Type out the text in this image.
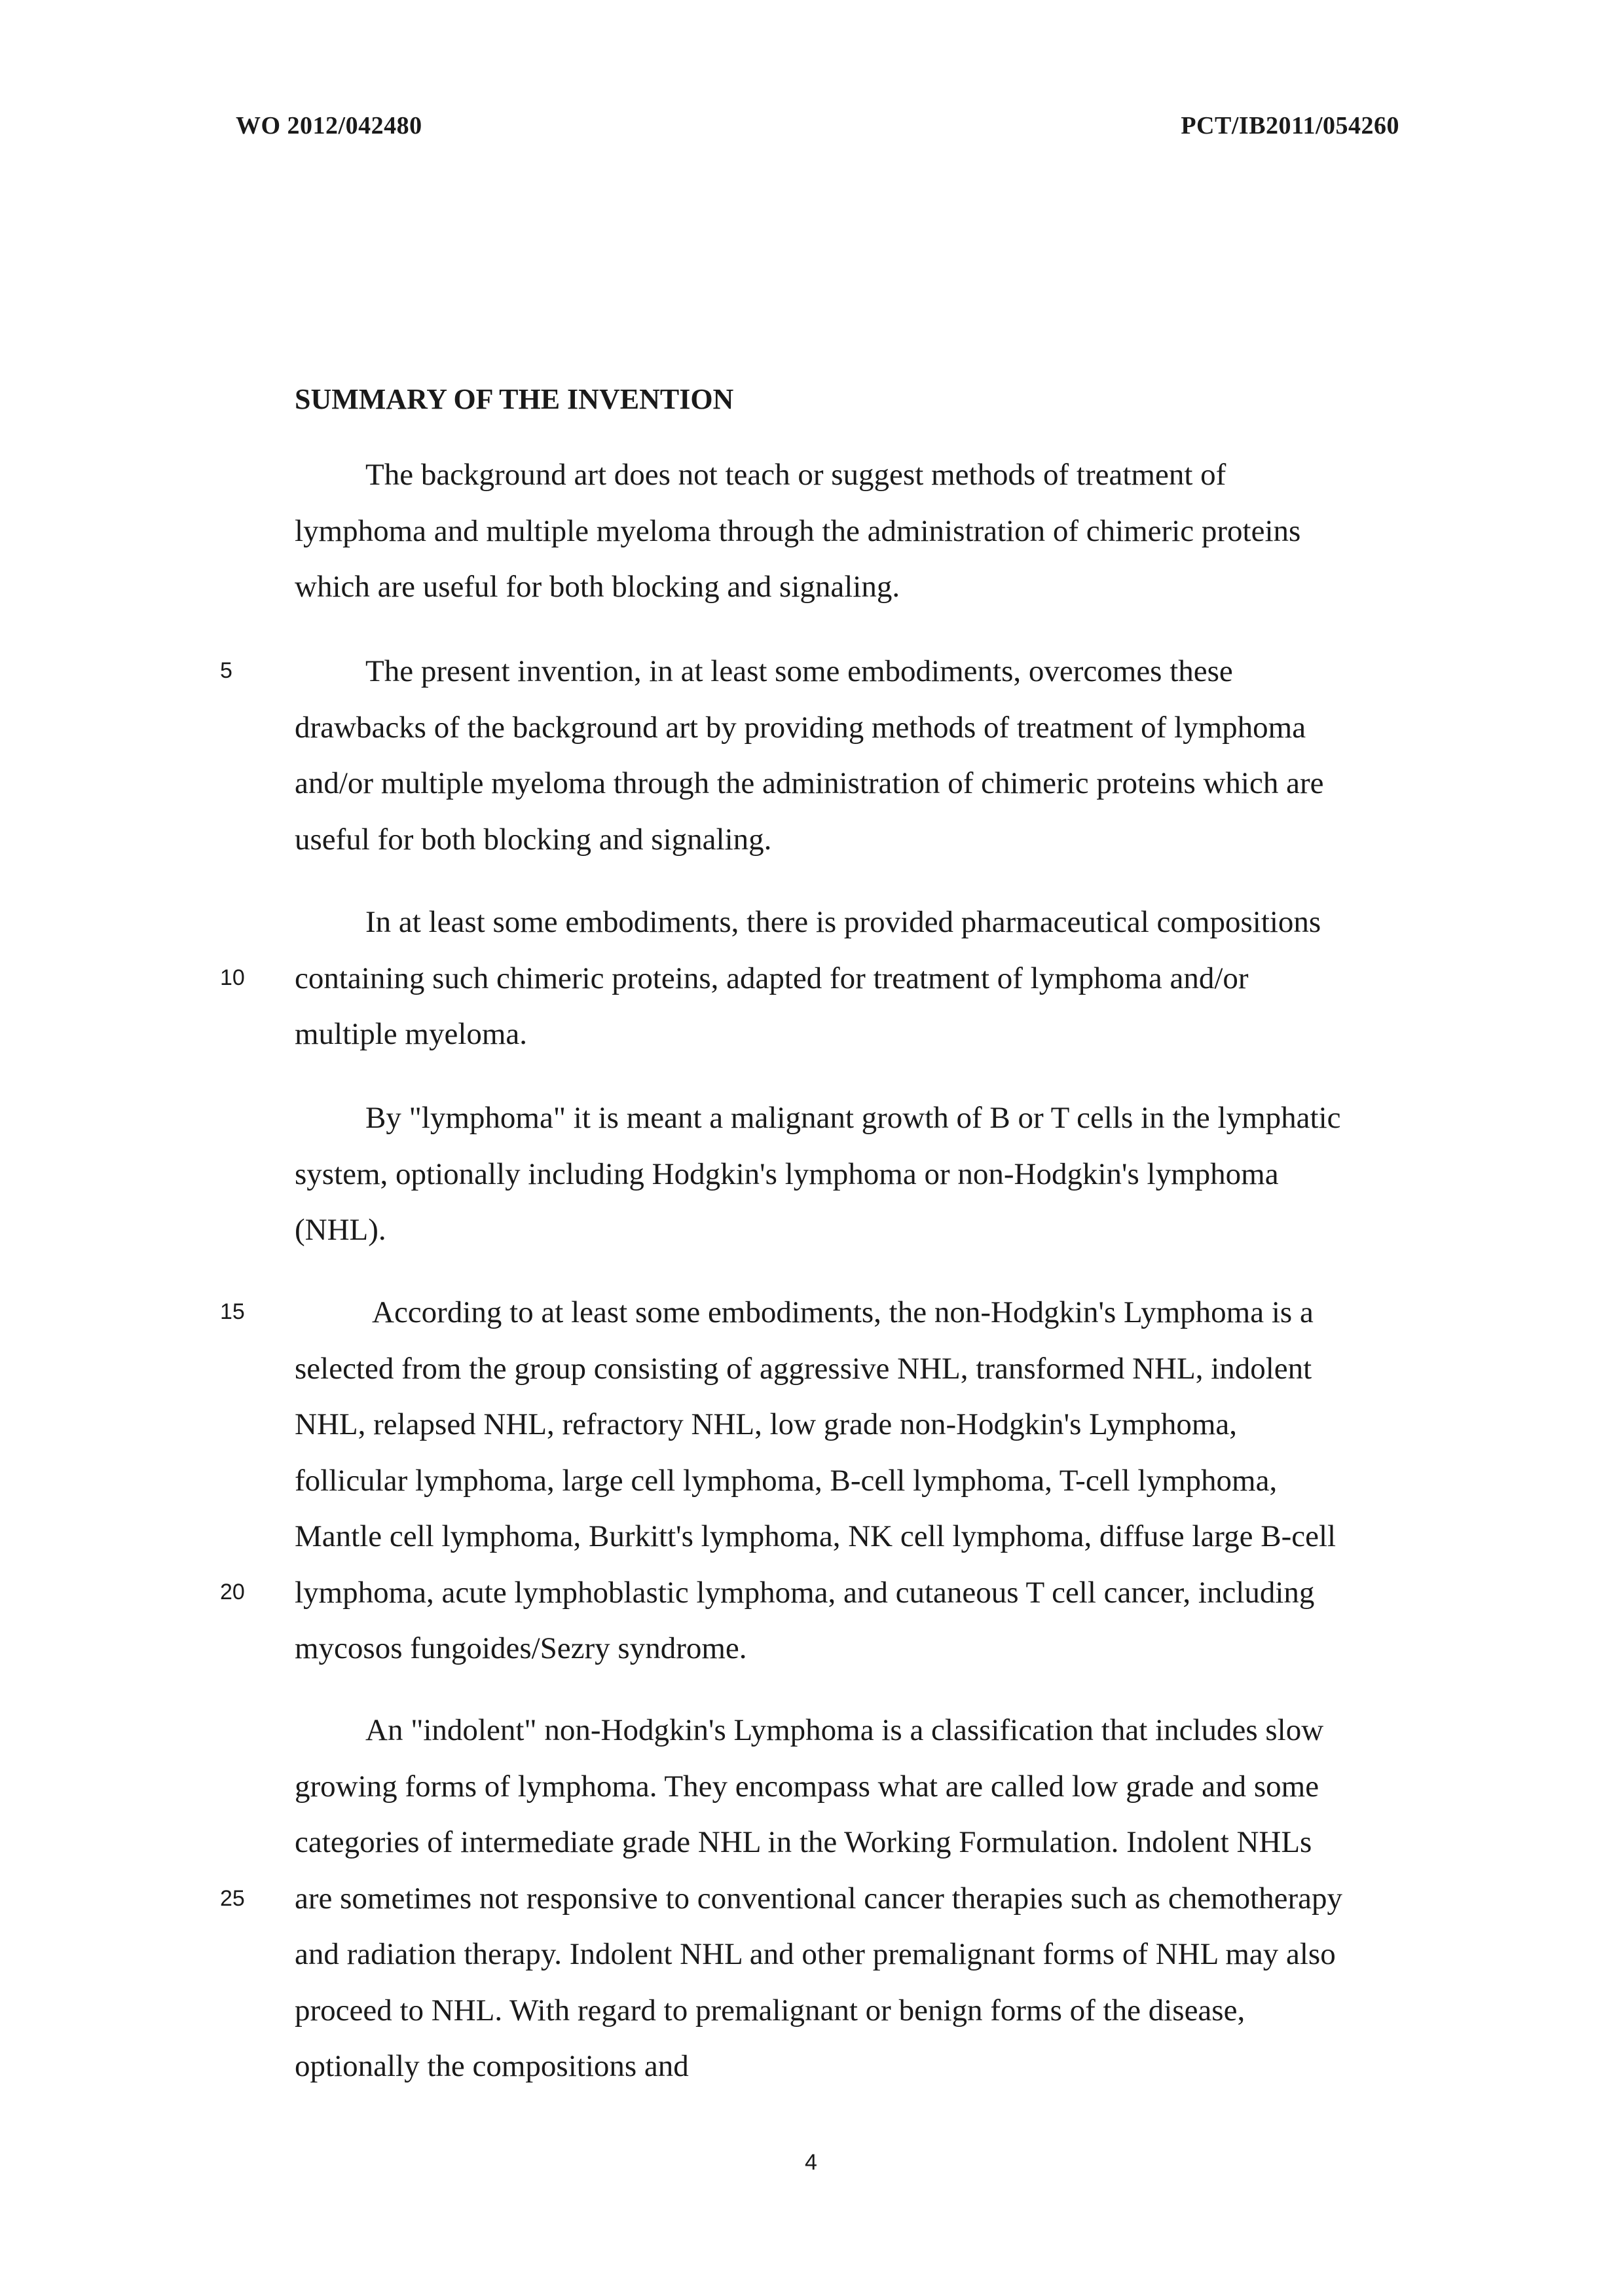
WO 2012/042480	PCT/IB2011/054260
SUMMARY OF THE INVENTION

The background art does not teach or suggest methods of treatment of lymphoma and multiple myeloma through the administration of chimeric proteins which are useful for both blocking and signaling.

The present invention, in at least some embodiments, overcomes these drawbacks of the background art by providing methods of treatment of lymphoma and/or multiple myeloma through the administration of chimeric proteins which are useful for both blocking and signaling.

In at least some embodiments, there is provided pharmaceutical compositions containing such chimeric proteins, adapted for treatment of lymphoma and/or multiple myeloma.

By "lymphoma" it is meant a malignant growth of B or T cells in the lymphatic system, optionally including Hodgkin's lymphoma or non-Hodgkin's lymphoma (NHL).

According to at least some embodiments, the non-Hodgkin's Lymphoma is a selected from the group consisting of aggressive NHL, transformed NHL, indolent NHL, relapsed NHL, refractory NHL, low grade non-Hodgkin's Lymphoma, follicular lymphoma, large cell lymphoma, B-cell lymphoma, T-cell lymphoma, Mantle cell lymphoma, Burkitt's lymphoma, NK cell lymphoma, diffuse large B-cell lymphoma, acute lymphoblastic lymphoma, and cutaneous T cell cancer, including mycosos fungoides/Sezry syndrome.

An "indolent" non-Hodgkin's Lymphoma is a classification that includes slow growing forms of lymphoma. They encompass what are called low grade and some categories of intermediate grade NHL in the Working Formulation. Indolent NHLs are sometimes not responsive to conventional cancer therapies such as chemotherapy and radiation therapy. Indolent NHL and other premalignant forms of NHL may also proceed to NHL. With regard to premalignant or benign forms of the disease, optionally the compositions and

5
10
15
20
25
4
